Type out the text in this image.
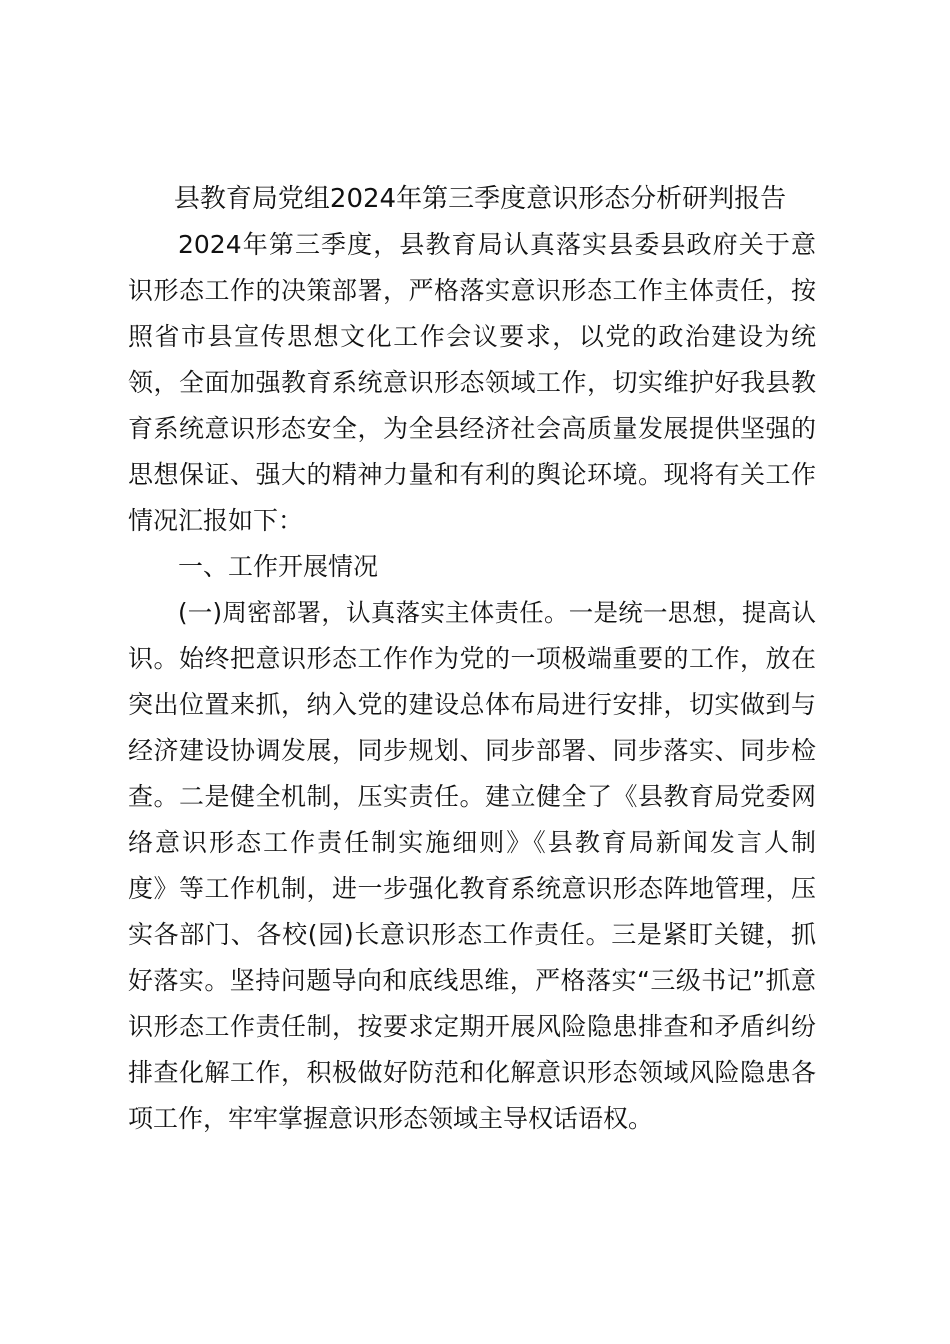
县教育局党组2024年第三季度意识形态分析研判报告

2024年第三季度，县教育局认真落实县委县政府关于意

识形态工作的决策部署，严格落实意识形态工作主体责任，按

照省市县宣传思想文化工作会议要求，以党的政治建设为统

领，全面加强教育系统意识形态领域工作，切实维护好我县教

育系统意识形态安全，为全县经济社会高质量发展提供坚强的

思想保证、强大的精神力量和有利的舆论环境。现将有关工作

情况汇报如下：

一、工作开展情况

(一)周密部署，认真落实主体责任。一是统一思想，提高认

识。始终把意识形态工作作为党的一项极端重要的工作，放在

突出位置来抓，纳入党的建设总体布局进行安排，切实做到与

经济建设协调发展，同步规划、同步部署、同步落实、同步检

查。二是健全机制，压实责任。建立健全了《县教育局党委网

络意识形态工作责任制实施细则》《县教育局新闻发言人制

度》等工作机制，进一步强化教育系统意识形态阵地管理，压

实各部门、各校(园)长意识形态工作责任。三是紧盯关键，抓

好落实。坚持问题导向和底线思维，严格落实“三级书记”抓意

识形态工作责任制，按要求定期开展风险隐患排查和矛盾纠纷

排查化解工作，积极做好防范和化解意识形态领域风险隐患各

项工作，牢牢掌握意识形态领域主导权话语权。
